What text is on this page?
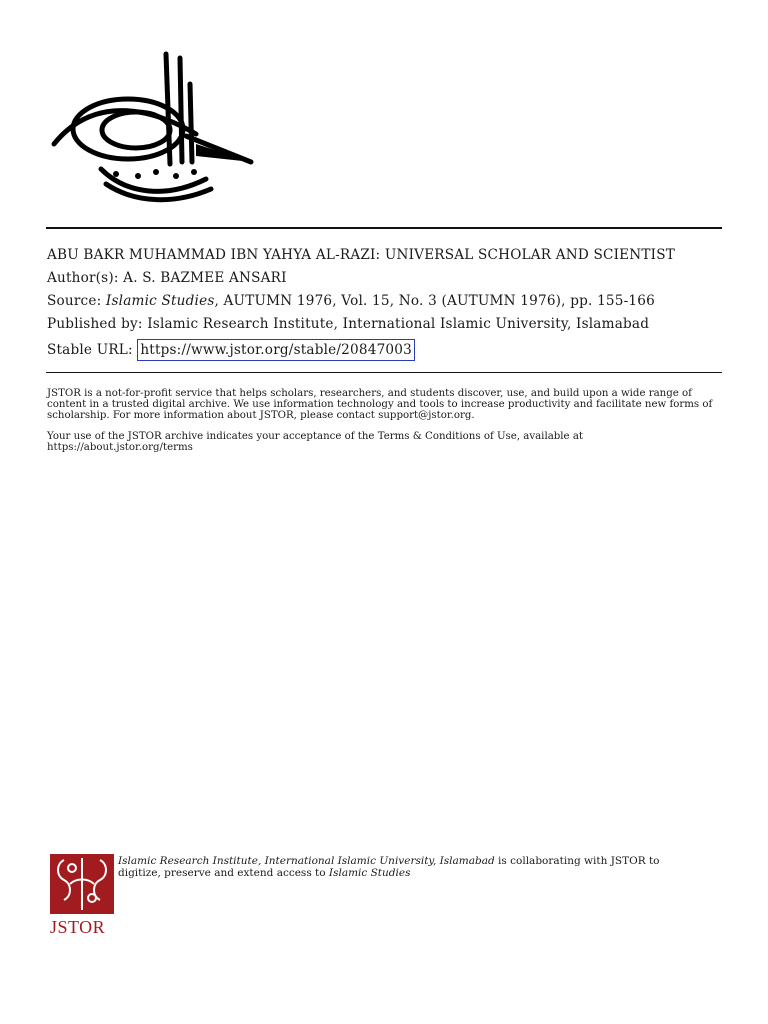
ABU BAKR MUHAMMAD IBN YAHYA AL-RAZI: UNIVERSAL SCHOLAR AND SCIENTIST
Author(s): A. S. BAZMEE ANSARI
Source: Islamic Studies, AUTUMN 1976, Vol. 15, No. 3 (AUTUMN 1976), pp. 155-166
Published by: Islamic Research Institute, International Islamic University, Islamabad
Stable URL: https://www.jstor.org/stable/20847003

JSTOR is a not-for-profit service that helps scholars, researchers, and students discover, use, and build upon a wide range of content in a trusted digital archive. We use information technology and tools to increase productivity and facilitate new forms of scholarship. For more information about JSTOR, please contact support@jstor.org.

Your use of the JSTOR archive indicates your acceptance of the Terms & Conditions of Use, available at https://about.jstor.org/terms

JSTOR
Islamic Research Institute, International Islamic University, Islamabad is collaborating with JSTOR to digitize, preserve and extend access to Islamic Studies
